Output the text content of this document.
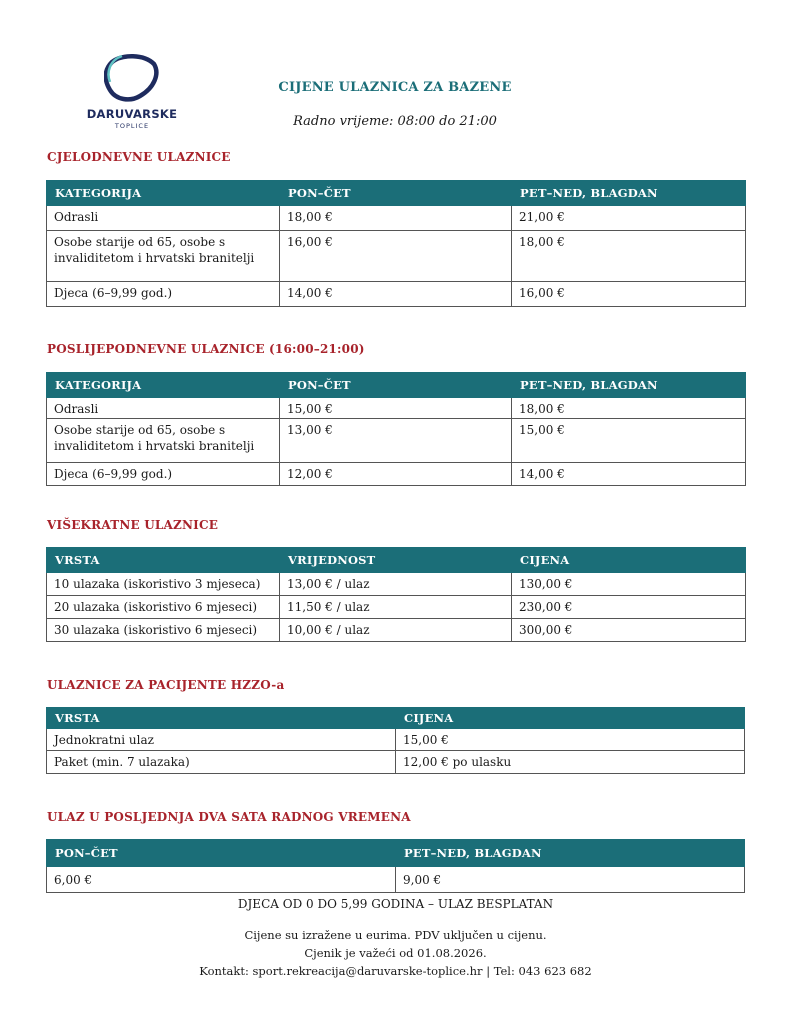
DARUVARSKE
TOPLICE
CIJENE ULAZNICA ZA BAZENE
Radno vrijeme: 08:00 do 21:00
CJELODNEVNE ULAZNICE
KATEGORIJA	PON–ČET	PET–NED, BLAGDAN
Odrasli	18,00 €	21,00 €
Osobe starije od 65, osobe s invaliditetom i hrvatski branitelji	16,00 €	18,00 €
Djeca (6–9,99 god.)	14,00 €	16,00 €
POSLIJEPODNEVNE ULAZNICE (16:00–21:00)
KATEGORIJA	PON–ČET	PET–NED, BLAGDAN
Odrasli	15,00 €	18,00 €
Osobe starije od 65, osobe s invaliditetom i hrvatski branitelji	13,00 €	15,00 €
Djeca (6–9,99 god.)	12,00 €	14,00 €
VIŠEKRATNE ULAZNICE
VRSTA	VRIJEDNOST	CIJENA
10 ulazaka (iskoristivo 3 mjeseca)	13,00 € / ulaz	130,00 €
20 ulazaka (iskoristivo 6 mjeseci)	11,50 € / ulaz	230,00 €
30 ulazaka (iskoristivo 6 mjeseci)	10,00 € / ulaz	300,00 €
ULAZNICE ZA PACIJENTE HZZO-a
VRSTA	CIJENA
Jednokratni ulaz	15,00 €
Paket (min. 7 ulazaka)	12,00 € po ulasku
ULAZ U POSLJEDNJA DVA SATA RADNOG VREMENA
PON–ČET	PET–NED, BLAGDAN
6,00 €	9,00 €
DJECA OD 0 DO 5,99 GODINA – ULAZ BESPLATAN
Cijene su izražene u eurima. PDV uključen u cijenu.
Cjenik je važeći od 01.08.2026.
Kontakt: sport.rekreacija@daruvarske-toplice.hr | Tel: 043 623 682
